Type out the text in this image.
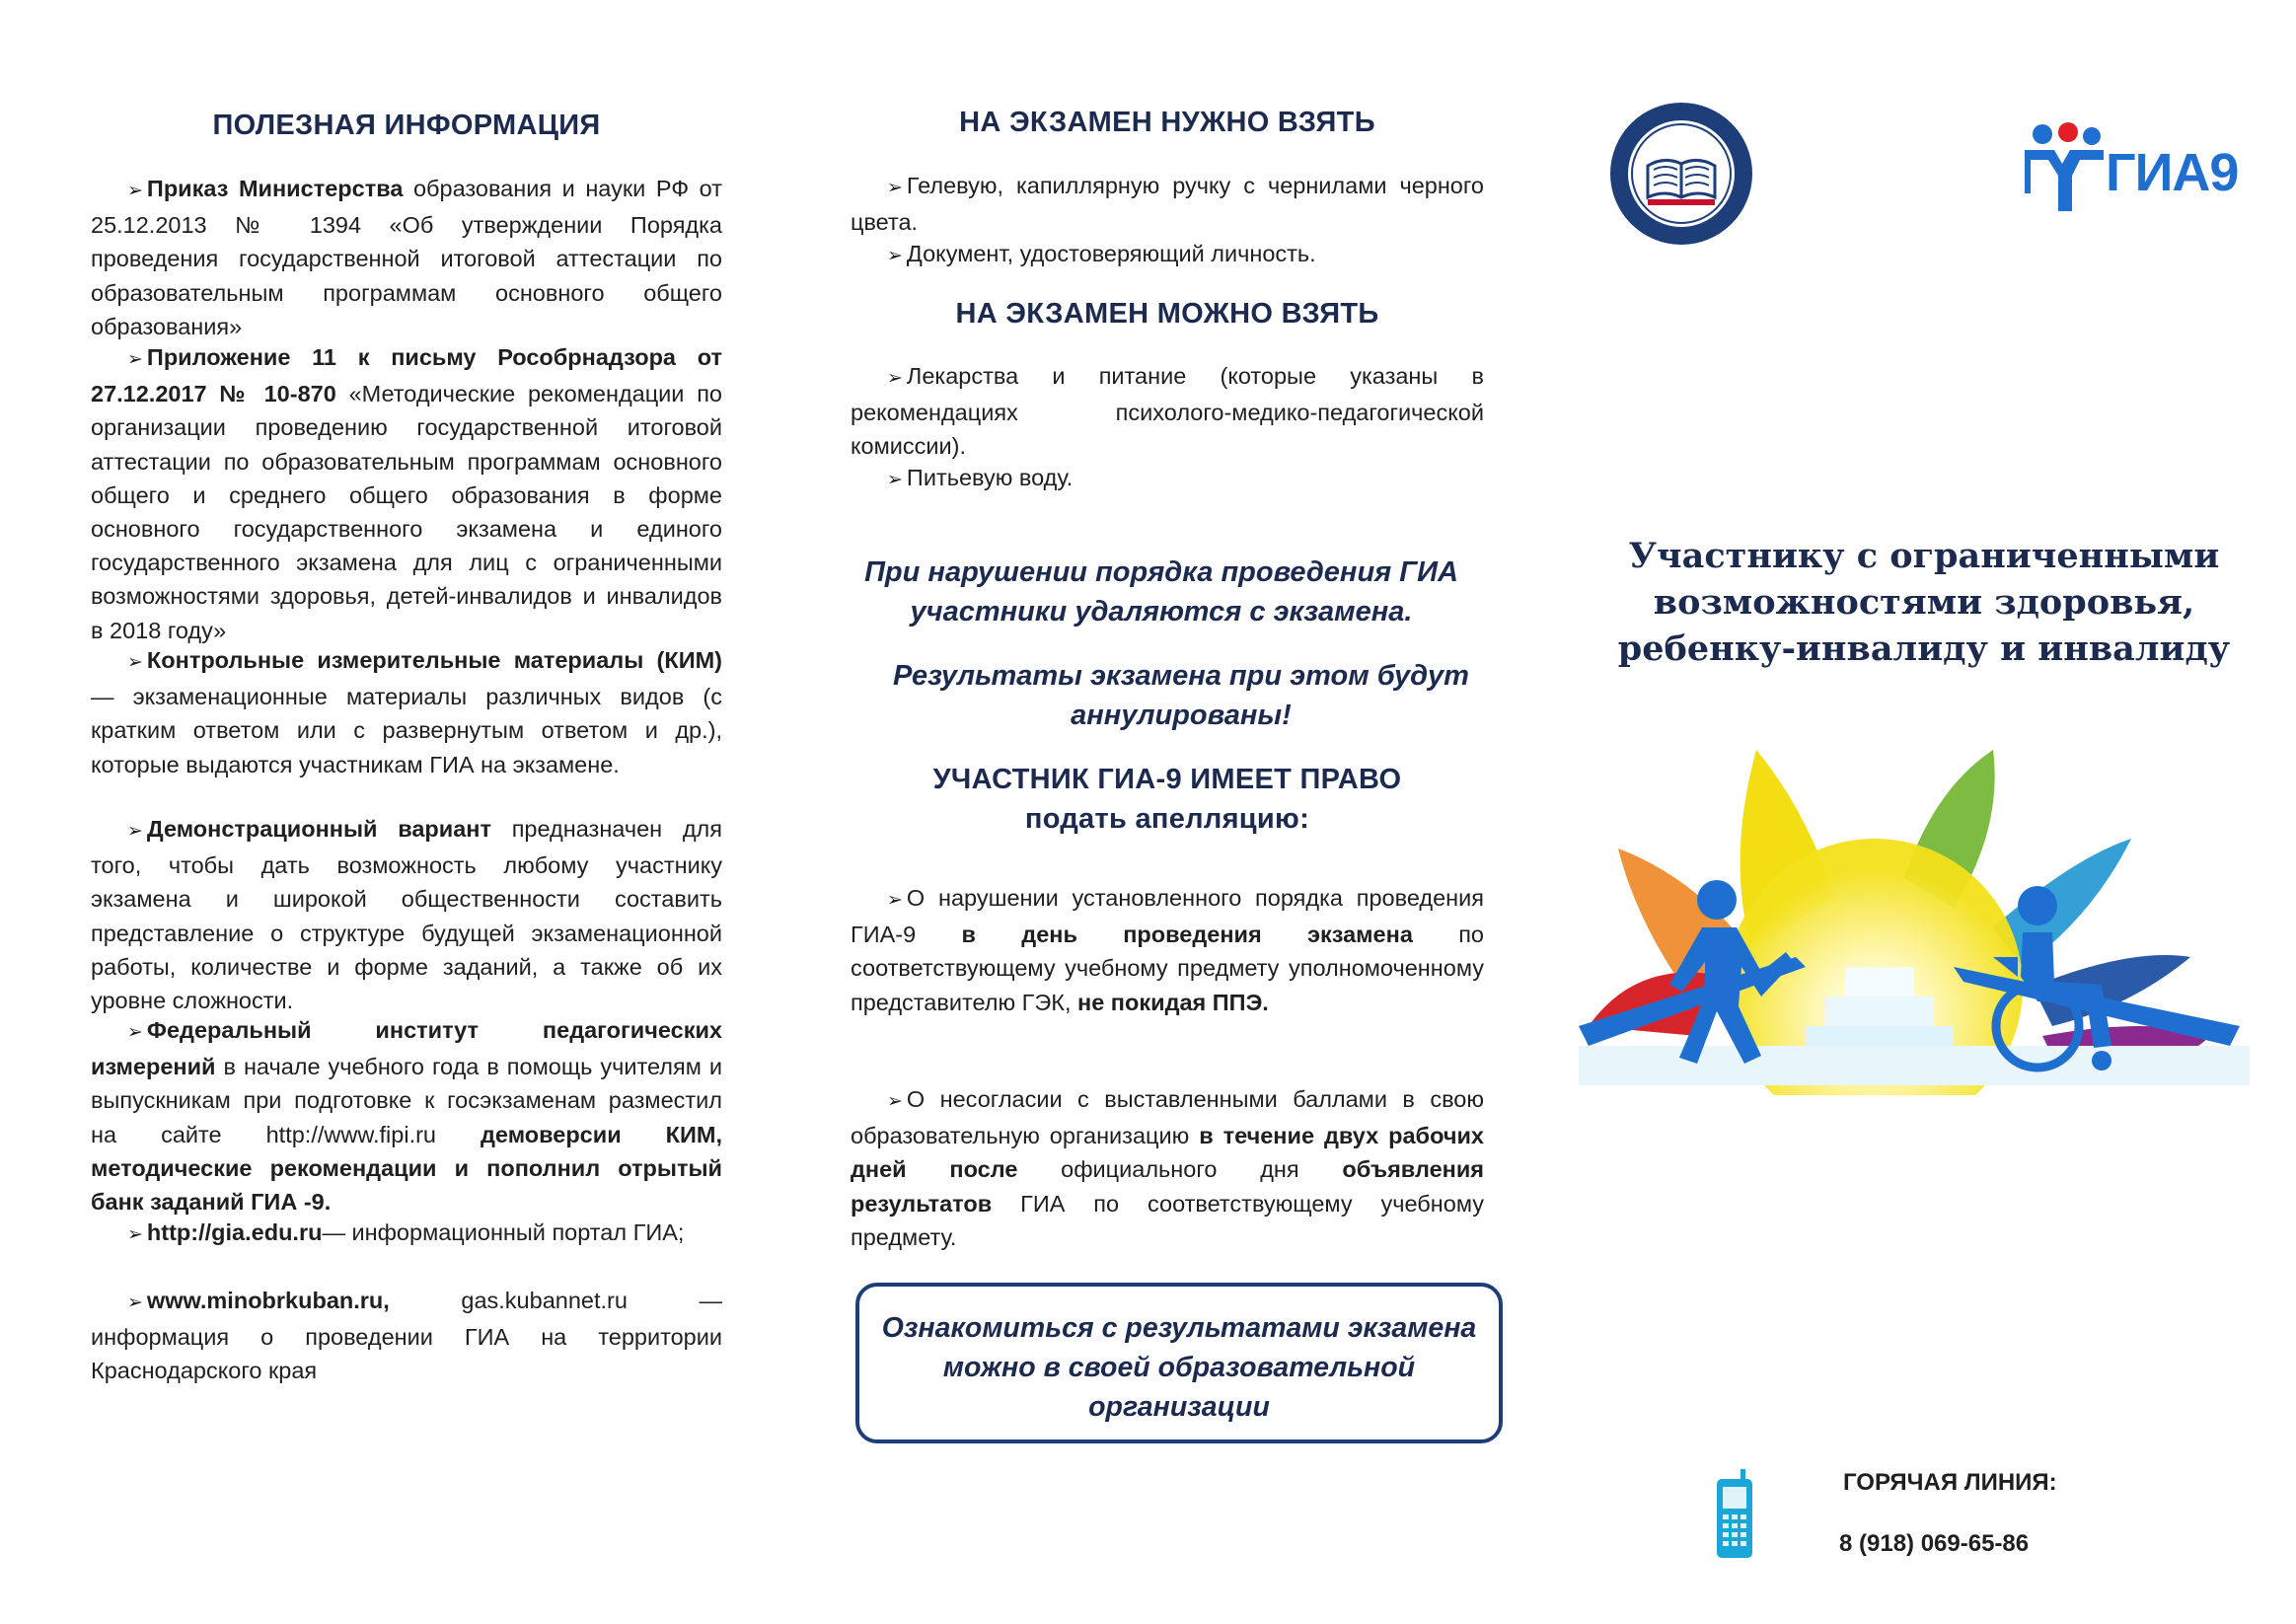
ПОЛЕЗНАЯ ИНФОРМАЦИЯ
➢ Приказ Министерства образования и науки РФ от 25.12.2013 № 1394 «Об утверждении Порядка проведения государственной итоговой аттестации по образовательным программам основного общего образования»
➢ Приложение 11 к письму Рособрнадзора от 27.12.2017 № 10-870 «Методические рекомендации по организации проведению государственной итоговой аттестации по образовательным программам основного общего и среднего общего образования в форме основного государственного экзамена и единого государственного экзамена для лиц с ограниченными возможностями здоровья, детей-инвалидов и инвалидов в 2018 году»
➢ Контрольные измерительные материалы (КИМ) — экзаменационные материалы различных видов (с кратким ответом или с развернутым ответом и др.), которые выдаются участникам ГИА на экзамене.
➢ Демонстрационный вариант предназначен для того, чтобы дать возможность любому участнику экзамена и широкой общественности составить представление о структуре будущей экзаменационной работы, количестве и форме заданий, а также об их уровне сложности.
➢ Федеральный институт педагогических измерений в начале учебного года в помощь учителям и выпускникам при подготовке к госэкзаменам разместил на сайте http://www.fipi.ru демоверсии КИМ, методические рекомендации и пополнил отрытый банк заданий ГИА -9.
➢ http://gia.edu.ru— информационный портал ГИА;
➢ www.minobrkuban.ru, gas.kubannet.ru — информация о проведении ГИА на территории Краснодарского края
НА ЭКЗАМЕН НУЖНО ВЗЯТЬ
➢ Гелевую, капиллярную ручку с чернилами черного цвета.
➢ Документ, удостоверяющий личность.
НА ЭКЗАМЕН МОЖНО ВЗЯТЬ
➢ Лекарства и питание (которые указаны в рекомендациях психолого-медико-педагогической комиссии).
➢ Питьевую воду.
При нарушении порядка проведения ГИА участники удаляются с экзамена.
Результаты экзамена при этом будут аннулированы!
УЧАСТНИК ГИА-9 ИМЕЕТ ПРАВО
подать апелляцию:
➢ О нарушении установленного порядка проведения ГИА-9 в день проведения экзамена по соответствующему учебному предмету уполномоченному представителю ГЭК, не покидая ППЭ.
➢ О несогласии с выставленными баллами в свою образовательную организацию в течение двух рабочих дней после официального дня объявления результатов ГИА по соответствующему учебному предмету.
Ознакомиться с результатами экзамена можно в своей образовательной организации
ГИА9
Участнику с ограниченными возможностями здоровья, ребенку-инвалиду и инвалиду
ГОРЯЧАЯ ЛИНИЯ:
8 (918) 069-65-86
